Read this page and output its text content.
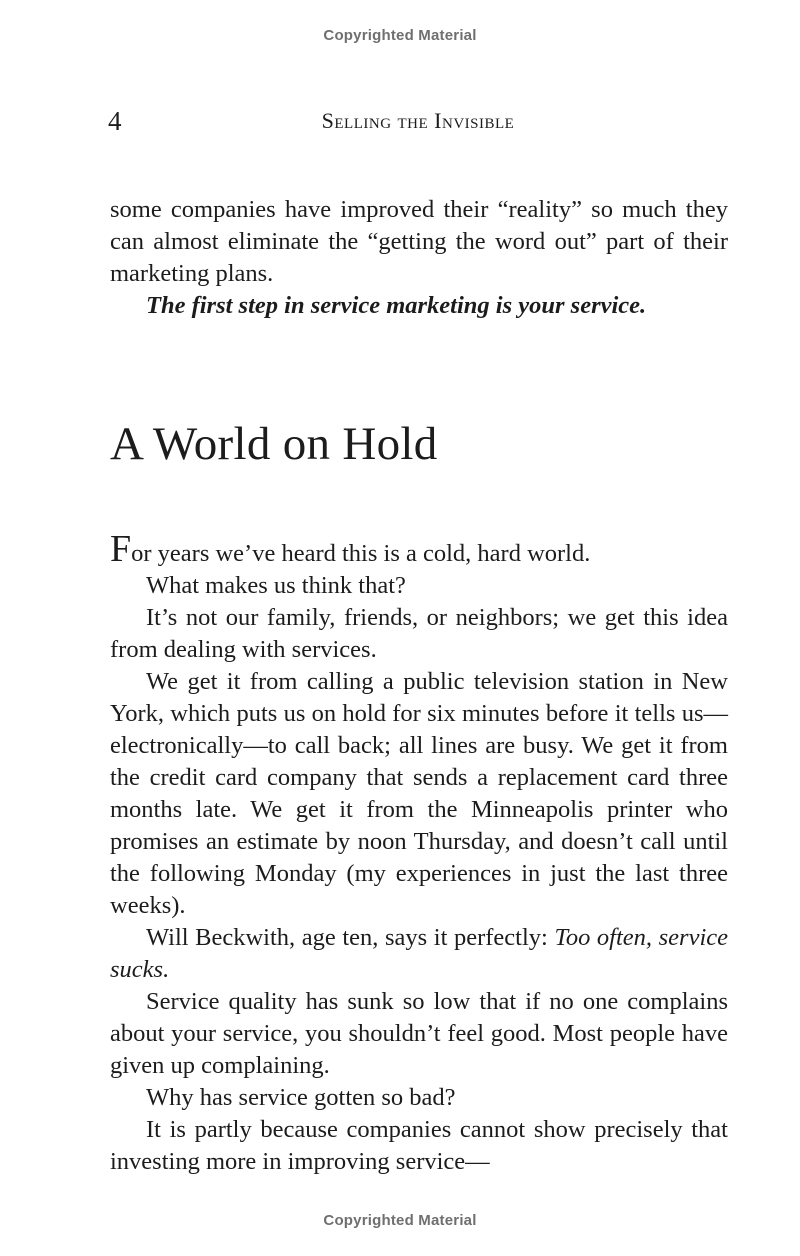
Copyrighted Material
4	Selling the Invisible

some companies have improved their “reality” so much they can almost eliminate the “getting the word out” part of their marketing plans.

The first step in service marketing is your service.

A World on Hold

For years we’ve heard this is a cold, hard world.

What makes us think that?

It’s not our family, friends, or neighbors; we get this idea from dealing with services.

We get it from calling a public television station in New York, which puts us on hold for six minutes before it tells us—electronically—to call back; all lines are busy. We get it from the credit card company that sends a replacement card three months late. We get it from the Minneapolis printer who promises an estimate by noon Thursday, and doesn’t call until the following Monday (my experiences in just the last three weeks).

Will Beckwith, age ten, says it perfectly: Too often, service sucks.

Service quality has sunk so low that if no one complains about your service, you shouldn’t feel good. Most people have given up complaining.

Why has service gotten so bad?

It is partly because companies cannot show precisely that investing more in improving service—

Copyrighted Material
